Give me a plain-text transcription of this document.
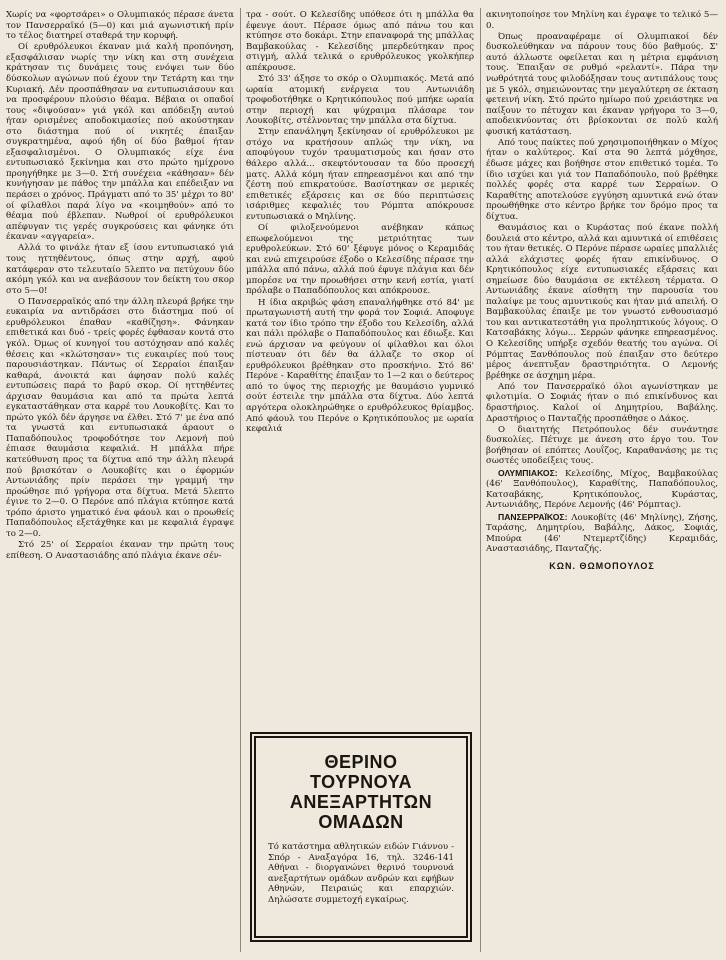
Χωρίς να «φορτσάρει» ο Ολυμπιακός πέρασε άνετα τον Πανσερραϊκό (5—0) και μιά αγωνιστική πρίν το τέλος διατηρεί σταθερά την κορυφή.

Οί ερυθρόλευκοι έκαναν μιά καλή προπόνηση, εξασφάλισαν νωρίς την νίκη και στη συνέχεια κράτησαν τις δυνάμεις τους ενόψει των δύο δύσκολων αγώνων πού έχουν την Τετάρτη και την Κυριακή. Δέν προσπάθησαν να εντυπωσιάσουν και να προσφέρουν πλούσιο θέαμα. Βέβαια οι οπαδοί τους «διψούσαν» γιά γκόλ και απόδειξη αυτού ήταν ορισμένες αποδοκιμασίες πού ακούστηκαν στο διάστημα πού οί νικητές έπαιξαν συγκρατημένα, αφού ήδη οί δύο βαθμοί ήταν εξασφαλισμένοι. Ο Ολυμπιακός είχε ένα εντυπωσιακό ξεκίνημα και στο πρώτο ημίχρονο προηγήθηκε με 3—0. Στή συνέχεια «κάθησαν» δέν κυνήγησαν με πάθος την μπάλλα και επέδειξαν να περάσει ο χρόνος. Πράγματι από το 35' μέχρι το 80' οί φίλαθλοι παρά λίγο να «κοιμηθούν» από το θέαμα πού έβλεπαν. Νωθροί οί ερυθρόλευκοι απέφυγαν τις γερές συγκρούσεις και φάνηκε ότι έκαναν «αγγαρεία».

Αλλά το φινάλε ήταν εξ ίσου εντυπωσιακό γιά τους ηττηθέντους, όπως στην αρχή, αφού κατάφεραν στο τελευταίο 5λεπτο να πετύχουν δύο ακόμη γκόλ και να ανεβάσουν τον δείκτη του σκορ στο 5—0!

Ο Πανσερραϊκός από την άλλη πλευρά βρήκε την ευκαιρία να αντιδράσει στο διάστημα πού οί ερυθρόλευκοι έπαθαν «καθίζηση». Φάνηκαν επιθετικά και δυό - τρείς φορές έφθασαν κοντά στο γκόλ. Όμως οί κυνηγοί του αστόχησαν από καλές θέσεις και «κλώτσησαν» τις ευκαιρίες πού τους παρουσιάστηκαν. Πάντως οί Σερραίοι έπαιξαν καθαρά, άνοικτά και άφησαν πολύ καλές εντυπώσεις παρά το βαρύ σκορ. Οί ηττηθέντες άρχισαν θαυμάσια και από τα πρώτα λεπτά εγκαταστάθηκαν στα καρρέ του Λουκοβίτς. Και το πρώτο γκόλ δέν άργησε να έλθει. Στό 7' με ένα από τα γνωστά και εντυπωσιακά άραουτ ο Παπαδόπουλος τροφοδότησε τον Λεμονή πού έπιασε θαυμάσια κεφαλιά. Η μπάλλα πήρε κατεύθυνση προς τα δίχτυα από την άλλη πλευρά πού βρισκόταν ο Λουκοβίτς και ο έφορμών Αντωνιάδης πρίν περάσει την γραμμή την προώθησε πιό γρήγορα στα δίχτυα. Μετά 5λεπτο έγινε το 2—0. Ο Περόνε από πλάγια κτύπησε κατά τρόπο άριστο γηματικό ένα φάουλ και ο προωθείς Παπαδόπουλος εξετάχθηκε και με κεφαλιά έγραψε το 2—0.

Στό 25' οί Σερραίοι έκαναν την πρώτη τους επίθεση. Ο Αναστασιάδης από πλάγια έκανε σέν-

τρα - σούτ. Ο Κελεσίδης υπόθεσε ότι η μπάλλα θα έφευγε άουτ. Πέρασε όμως από πάνω του και κτύπησε στο δοκάρι. Στην επαναφορά της μπάλλας Βαμβακούλας - Κελεσίδης μπερδεύτηκαν προς στιγμή, αλλά τελικά ο ερυθρόλευκος γκολκήπερ απέκρουσε.

Στό 33' άξησε το σκόρ ο Ολυμπιακός. Μετά από ωραία ατομική ενέργεια του Αντωνιάδη τροφοδοτήθηκε ο Κρητικόπουλος πού μπήκε ωραία στην περιοχή και ψύχραιμα πλάσαρε τον Λουκοβίτς, στέλνοντας την μπάλλα στα δίχτυα.

Στην επανάληψη ξεκίνησαν οί ερυθρόλευκοι με στόχο να κρατήσουν απλώς την νίκη, να αποφύγουν τυχόν τραυματισμούς και ήσαν στο θάλερο αλλά... σκεφτόντουσαν τα δύο προσεχή ματς. Αλλά κόμη ήταν επηρεασμένοι και από την ζέστη πού επικρατούσε. Βασίστηκαν σε μερικές επιθετικές εξάρσεις και σε δύο περιπτώσεις ισάριθμες κεφαλιές του Ρόμπτα απόκρουσε εντυπωσιακά ο Μηλίνης.

Οί φιλοξενούμενοι ανέβηκαν κάπως επωφελούμενοι της μετριότητας των ερυθρολεύκων. Στό 60' ξέφυγε μόνος ο Κεραμιδάς και ενώ επιχειρούσε έξοδο ο Κελεσίδης πέρασε την μπάλλα από πάνω, αλλά πού έφυγε πλάγια και δέν μπορέσε να την προωθήσει στην κενή εστία, γιατί πρόλαβε ο Παπαδόπουλος και απόκρουσε.

Η ίδια ακριβώς φάση επαναλήφθηκε στό 84' με πρωταγωνιστή αυτή την φορά τον Σοφιά. Αποφυγε κατά τον ίδιο τρόπο την έξοδο του Κελεσίδη, αλλά και πάλι πρόλαβε ο Παπαδόπουλος και έδιωξε. Και ενώ άρχισαν να φεύγουν οί φίλαθλοι και όλοι πίστευαν ότι δέν θα άλλαζε το σκορ οί ερυθρόλευκοι βρέθηκαν στο προσκήνιο. Στό 86' Περόνε - Καραθίτης έπαιξαν το 1—2 και ο δεύτερος από το ύψος της περιοχής με θαυμάσιο γυμνικό σούτ έστειλε την μπάλλα στα δίχτυα. Δύο λεπτά αργότερα ολοκληρώθηκε ο ερυθρόλευκος θρίαμβος. Από φάουλ του Περόνε ο Κρητικόπουλος με ωραία κεφαλιά

ΘΕΡΙΝΟ
ΤΟΥΡΝΟΥΑ
ΑΝΕΞΑΡΤΗΤΩΝ
ΟΜΑΔΩΝ
Τό κατάστημα αθλητικών ειδών Γιάννου - Σπόρ - Αναξαγόρα 16, τηλ. 3246-141 Αθήναι - διοργανώνει θερινό τουρνουά ανεξαρτήτων ομάδων ανδρών και εφήβων Αθηνών, Πειραιώς και επαρχιών. Δηλώσατε συμμετοχή εγκαίρως.

ακινητοποίησε τον Μηλίνη και έγραψε το τελικό 5—0.

Όπως προαναφέραμε οί Ολυμπιακοί δέν δυσκολεύθηκαν να πάρουν τους δύο βαθμούς. Σ' αυτό άλλωστε οφείλεται και η μέτρια εμφάνιση τους. Έπαιξαν σε ρυθμό «ρελαντί». Πάρα την νωθρότητά τους φιλοδόξησαν τους αντιπάλους τους με 5 γκόλ, σημειώνοντας την μεγαλύτερη σε έκταση φετεινή νίκη. Στό πρώτο ημίωρο πού χρειάστηκε να παίξουν το πέτυχαν και έκαναν γρήγορα το 3—0, αποδεικνύοντας ότι βρίσκονται σε πολύ καλή φυσική κατάσταση.

Από τους παίκτες πού χρησιμοποιήθηκαν ο Μίχος ήταν ο καλύτερος. Καί στα 90 λεπτά μόχθησε, έδωσε μάχες και βοήθησε στον επιθετικό τομέα. Το ίδιο ισχύει και γιά τον Παπαδόπουλο, πού βρέθηκε πολλές φορές στα καρρέ των Σερραίων. Ο Καραθίτης αποτελούσε εγγύηση αμυντικά ενώ όταν προωθήθηκε στο κέντρο βρήκε τον δρόμο προς τα δίχτυα.

Θαυμάσιος και ο Κυράστας πού έκανε πολλή δουλειά στο κέντρο, αλλά και αμυντικά οί επιθέσεις του ήταν θετικές. Ο Περόνε πέρασε ωραίες μπαλλιές αλλά ελάχιστες φορές ήταν επικίνδυνος. Ο Κρητικόπουλος είχε εντυπωσιακές εξάρσεις και σημείωσε δύο θαυμάσια σε εκτέλεση τέρματα. Ο Αντωνιάδης έκανε αίσθητη την παρουσία του παλαίψε με τους αμυντικούς και ήταν μιά απειλή. Ο Βαμβακούλας έπαιξε με τον γνωστό ενθουσιασμό του και αντικατεστάθη για προληπτικούς λόγους. Ο Κατσαβάκης λόγω... Σερρών φάνηκε επηρεασμένος. Ο Κελεσίδης υπήρξε σχεδόν θεατής του αγώνα. Οί Ρόμπτας Ξανθόπουλος πού έπαιξαν στο δεύτερο μέρος άνεπτυξαν δραστηριότητα. Ο Λεμονής βρέθηκε σε άσχημη μέρα.

Από τον Πανσερραϊκό όλοι αγωνίστηκαν με φιλοτιμία. Ο Σοφιάς ήταν ο πιό επικίνδυνος και δραστήριος. Καλοί οί Δημητρίου, Βαβάλης. Δραστήριος ο Πανταζής προσπάθησε ο Δάκος.

Ο διαιτητής Πετρόπουλος δέν συνάντησε δυσκολίες. Πέτυχε με άνεση στο έργο του. Τον βοήθησαν οί επόπτες Λουΐζος, Καραθανάσης με τις σωστές υποδείξεις τους.

ΟΛΥΜΠΙΑΚΟΣ: Κελεσίδης, Μίχος, Βαμβακούλας (46' Ξανθόπουλος), Καραθίτης, Παπαδόπουλος, Κατσαβάκης, Κρητικόπουλος, Κυράστας, Αντωνιάδης, Περόνε Λεμονής (46' Ρόμπτας).

ΠΑΝΣΕΡΡΑΪΚΟΣ: Λουκοβίτς (46' Μηλίνης), Ζήσης, Ταράσης, Δημητρίου, Βαβάλης, Δάκος, Σοφιάς, Μπούρα (46' Ντεμερτζίδης) Κεραμιδάς, Αναστασιάδης, Πανταζής.

ΚΩΝ. ΘΩΜΟΠΟΥΛΟΣ
